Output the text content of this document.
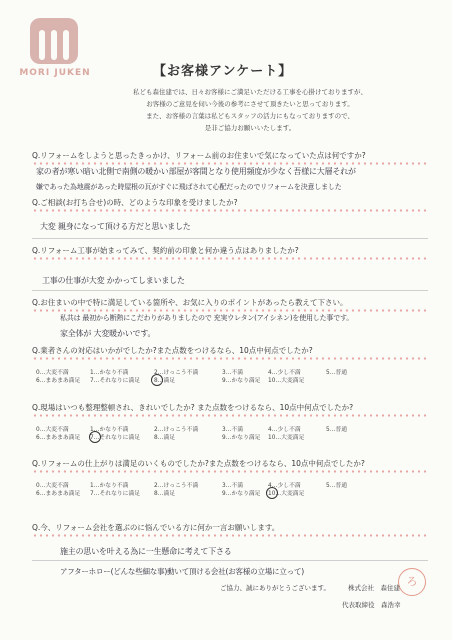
MORI JUKEN	【お客様アンケート】
私ども森住建では、日々お客様にご満足いただける工事を心掛けておりますが、
お客様のご意見を伺い今後の参考にさせて頂きたいと思っております。
また、お客様の言葉は私どもスタッフの活力にもなっておりますので、
是非ご協力お願いいたします。
Q.リフォームをしようと思ったきっかけ、リフォーム前のお住まいで気になっていた点は何ですか?
家の者が寒い暗い北側で南側の暖かい部屋が客間となり使用頻度が少なく吾様に大層それが
嫌であった為地震があった時屋根の瓦がすぐに飛ばされて心配だったのでリフォームを決意しました
Q.ご相談(お打ち合せ)の時、どのような印象を受けましたか?
大変 親身になって頂ける方だと思いました
Q.リフォーム工事が始まってみて、契約前の印象と何か違う点はありましたか?
工事の仕事が大変 かかってしまいました
Q.お住まいの中で特に満足している箇所や、お気に入りのポイントがあったら教えて下さい。
私共は 最初から断熱にこだわりがありましたので 充実ウレタン(アイシネン)を使用した事です。
家全体が 大変暖かいです。
Q.業者さんの対応はいかがでしたか?また点数をつけるなら、10点中何点でしたか?
0…大変不満	1…かなり不満	2…けっこう不満	3…不満	4…少し不満	5…普通
6…まあまあ満足 7…それなりに満足 8…満足	9…かなり満足 10…大変満足
Q.現場はいつも整理整頓され、きれいでしたか? また点数をつけるなら、10点中何点でしたか?
0…大変不満	1…かなり不満	2…けっこう不満	3…不満	4…少し不満	5…普通
6…まあまあ満足 7…それなりに満足 8…満足	9…かなり満足 10…大変満足
Q.リフォームの仕上がりは満足のいくものでしたか?また点数をつけるなら、10点中何点でしたか?
0…大変不満	1…かなり不満	2…けっこう不満	3…不満	4…少し不満	5…普通
6…まあまあ満足 7…それなりに満足 8…満足	9…かなり満足 10…大変満足
Q.今、リフォーム会社を選ぶのに悩んでいる方に何か一言お願いします。
施主の思いを叶える為に一生懸命に考えて下さる
アフターホロー(どんな些細な事)動いて頂ける会社(お客様の立場に立って)
ろ
ご協力、誠にありがとうございます。	株式会社　森住建
代表取締役　森浩幸
